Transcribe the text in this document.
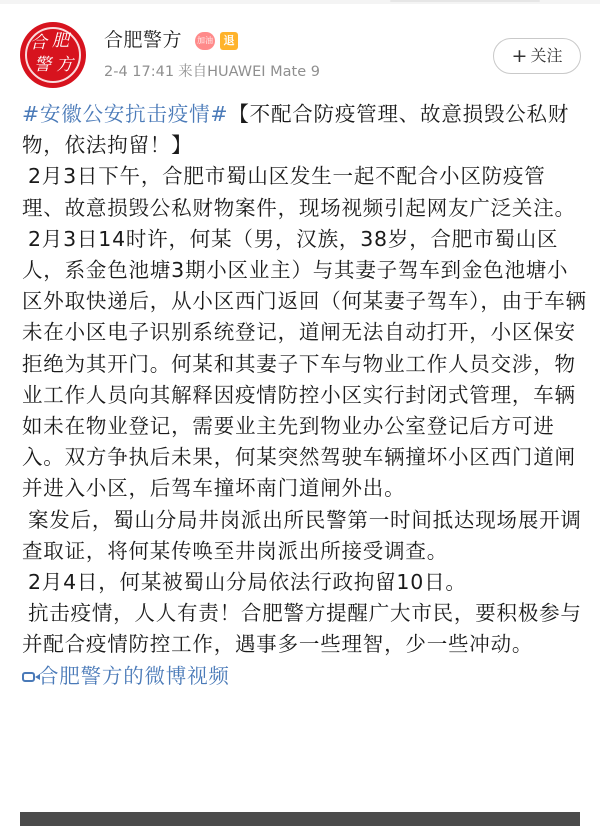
合 肥
警 方
合肥警方 加油 退
2-4 17:41 来自HUAWEI Mate 9
+ 关注

#安徽公安抗击疫情#【不配合防疫管理、故意损毁公私财物，依法拘留！】

 2月3日下午，合肥市蜀山区发生一起不配合小区防疫管理、故意损毁公私财物案件，现场视频引起网友广泛关注。

 2月3日14时许，何某（男，汉族，38岁，合肥市蜀山区人，系金色池塘3期小区业主）与其妻子驾车到金色池塘小区外取快递后，从小区西门返回（何某妻子驾车），由于车辆未在小区电子识别系统登记，道闸无法自动打开，小区保安拒绝为其开门。何某和其妻子下车与物业工作人员交涉，物业工作人员向其解释因疫情防控小区实行封闭式管理，车辆如未在物业登记，需要业主先到物业办公室登记后方可进入。双方争执后未果，何某突然驾驶车辆撞坏小区西门道闸并进入小区，后驾车撞坏南门道闸外出。

 案发后，蜀山分局井岗派出所民警第一时间抵达现场展开调查取证，将何某传唤至井岗派出所接受调查。

 2月4日，何某被蜀山分局依法行政拘留10日。

 抗击疫情，人人有责！合肥警方提醒广大市民，要积极参与并配合疫情防控工作，遇事多一些理智，少一些冲动。 合肥警方的微博视频
